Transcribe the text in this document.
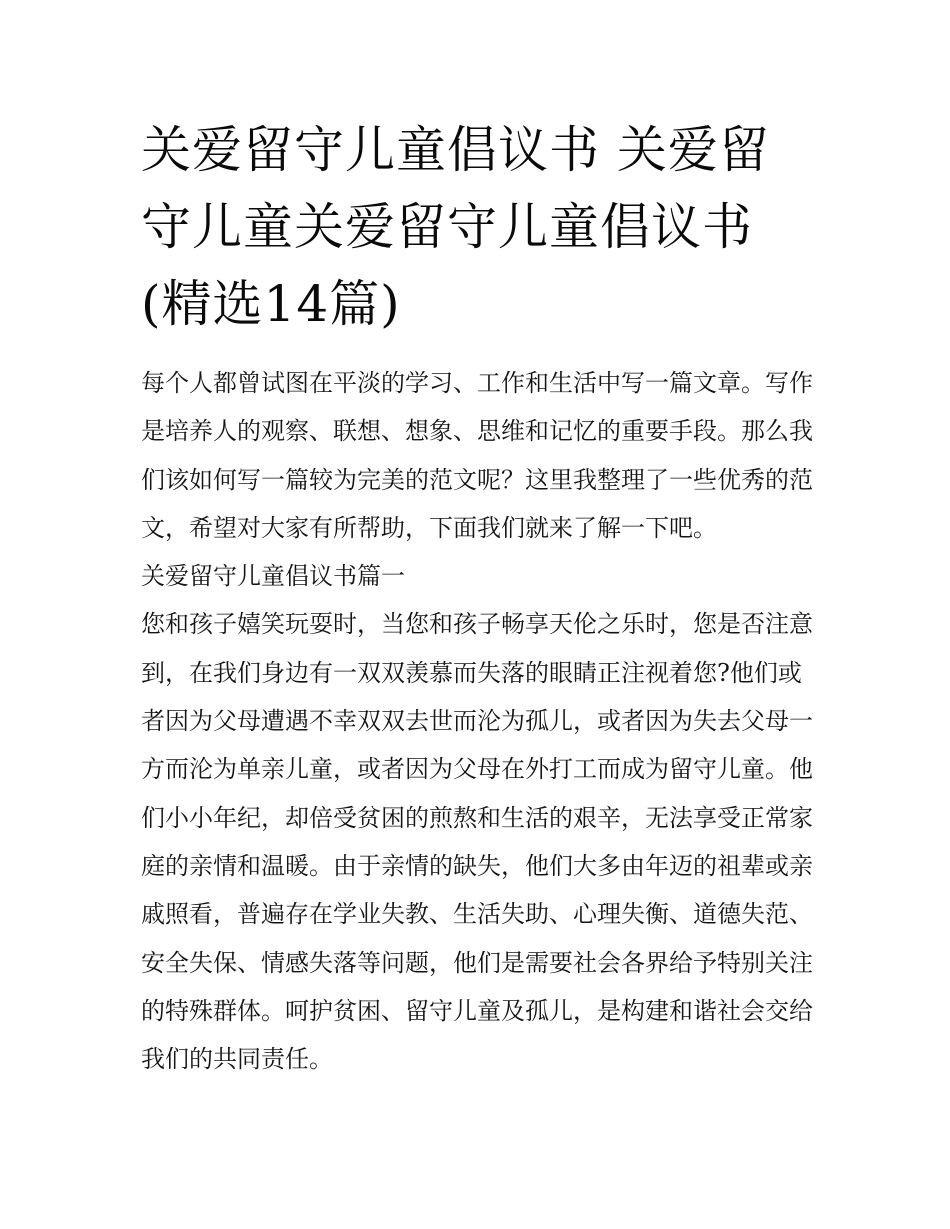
关爱留守儿童倡议书 关爱留守儿童关爱留守儿童倡议书(精选14篇)

每个人都曾试图在平淡的学习、工作和生活中写一篇文章。写作是培养人的观察、联想、想象、思维和记忆的重要手段。那么我们该如何写一篇较为完美的范文呢？这里我整理了一些优秀的范文，希望对大家有所帮助，下面我们就来了解一下吧。

关爱留守儿童倡议书篇一

您和孩子嬉笑玩耍时，当您和孩子畅享天伦之乐时，您是否注意到，在我们身边有一双双羡慕而失落的眼睛正注视着您?他们或者因为父母遭遇不幸双双去世而沦为孤儿，或者因为失去父母一方而沦为单亲儿童，或者因为父母在外打工而成为留守儿童。他们小小年纪，却倍受贫困的煎熬和生活的艰辛，无法享受正常家庭的亲情和温暖。由于亲情的缺失，他们大多由年迈的祖辈或亲戚照看，普遍存在学业失教、生活失助、心理失衡、道德失范、安全失保、情感失落等问题，他们是需要社会各界给予特别关注的特殊群体。呵护贫困、留守儿童及孤儿，是构建和谐社会交给我们的共同责任。
